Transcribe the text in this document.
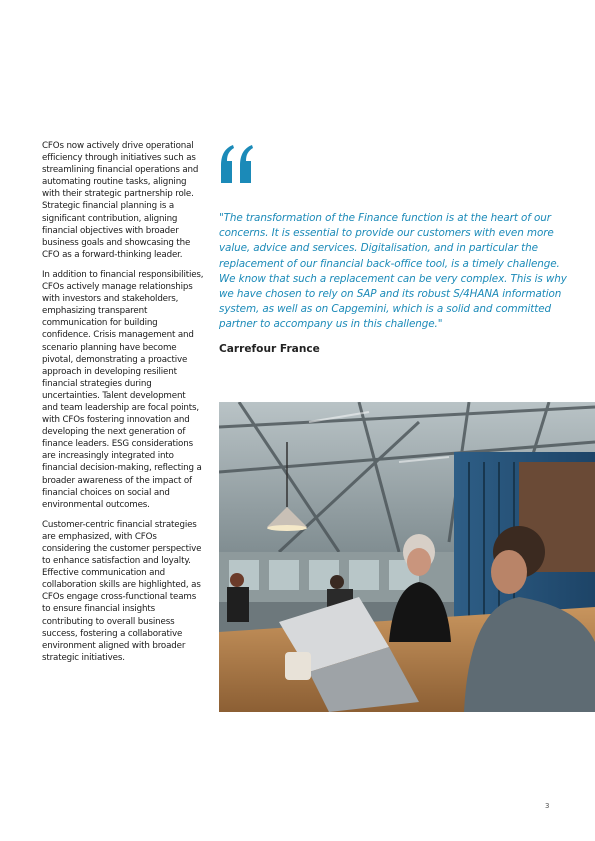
CFOs now actively drive operational efficiency through initiatives such as streamlining financial operations and automating routine tasks, aligning with their strategic partnership role. Strategic financial planning is a significant contribution, aligning financial objectives with broader business goals and showcasing the CFO as a forward-thinking leader.

In addition to financial responsibilities, CFOs actively manage relationships with investors and stakeholders, emphasizing transparent communication for building confidence. Crisis management and scenario planning have become pivotal, demonstrating a proactive approach in developing resilient financial strategies during uncertainties. Talent development and team leadership are focal points, with CFOs fostering innovation and developing the next generation of finance leaders. ESG considerations are increasingly integrated into financial decision-making, reflecting a broader awareness of the impact of financial choices on social and environmental outcomes.

Customer-centric financial strategies are emphasized, with CFOs considering the customer perspective to enhance satisfaction and loyalty. Effective communication and collaboration skills are highlighted, as CFOs engage cross-functional teams to ensure financial insights contributing to overall business success, fostering a collaborative environment aligned with broader strategic initiatives.

"The transformation of the Finance function is at the heart of our concerns. It is essential to provide our customers with even more value, advice and services. Digitalisation, and in particular the replacement of our financial back-office tool, is a timely challenge. We know that such a replacement can be very complex. This is why we have chosen to rely on SAP and its robust S/4HANA information system, as well as on Capgemini, which is a solid and committed partner to accompany us in this challenge."

Carrefour France

3
